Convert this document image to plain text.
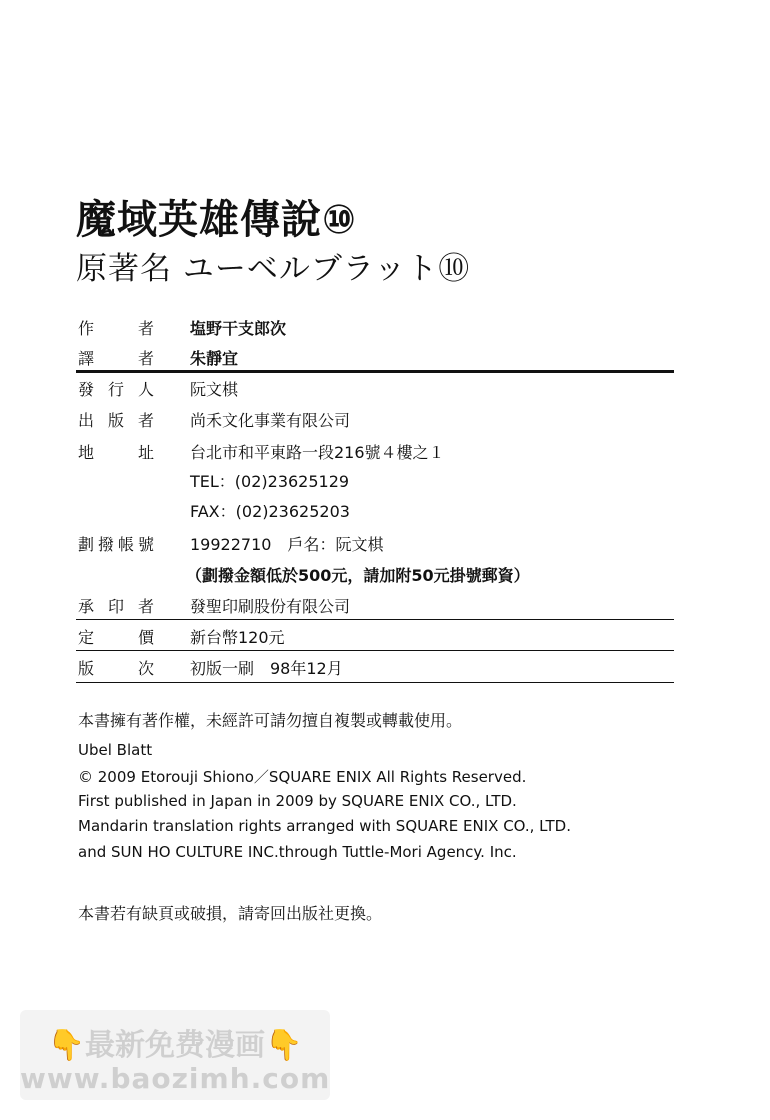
魔域英雄傳說⑩
原著名 ユーベルブラット⑩
作　者 塩野干支郎次
譯　者 朱靜宜
發行人 阮文棋
出版者 尚禾文化事業有限公司
地　址 台北市和平東路一段216號４樓之１
TEL：(02)23625129
FAX：(02)23625203
劃撥帳號 19922710　戶名：阮文棋
（劃撥金額低於500元，請加附50元掛號郵資）
承印者 發聖印刷股份有限公司
定　價 新台幣120元
版　次 初版一刷　98年12月
本書擁有著作權，未經許可請勿擅自複製或轉載使用。
Ubel Blatt
© 2009 Etorouji Shiono／SQUARE ENIX All Rights Reserved.
First published in Japan in 2009 by SQUARE ENIX CO., LTD.
Mandarin translation rights arranged with SQUARE ENIX CO., LTD.
and SUN HO CULTURE INC.through Tuttle-Mori Agency. Inc.
本書若有缺頁或破損，請寄回出版社更換。
👇最新免费漫画👇
www.baozimh.com
